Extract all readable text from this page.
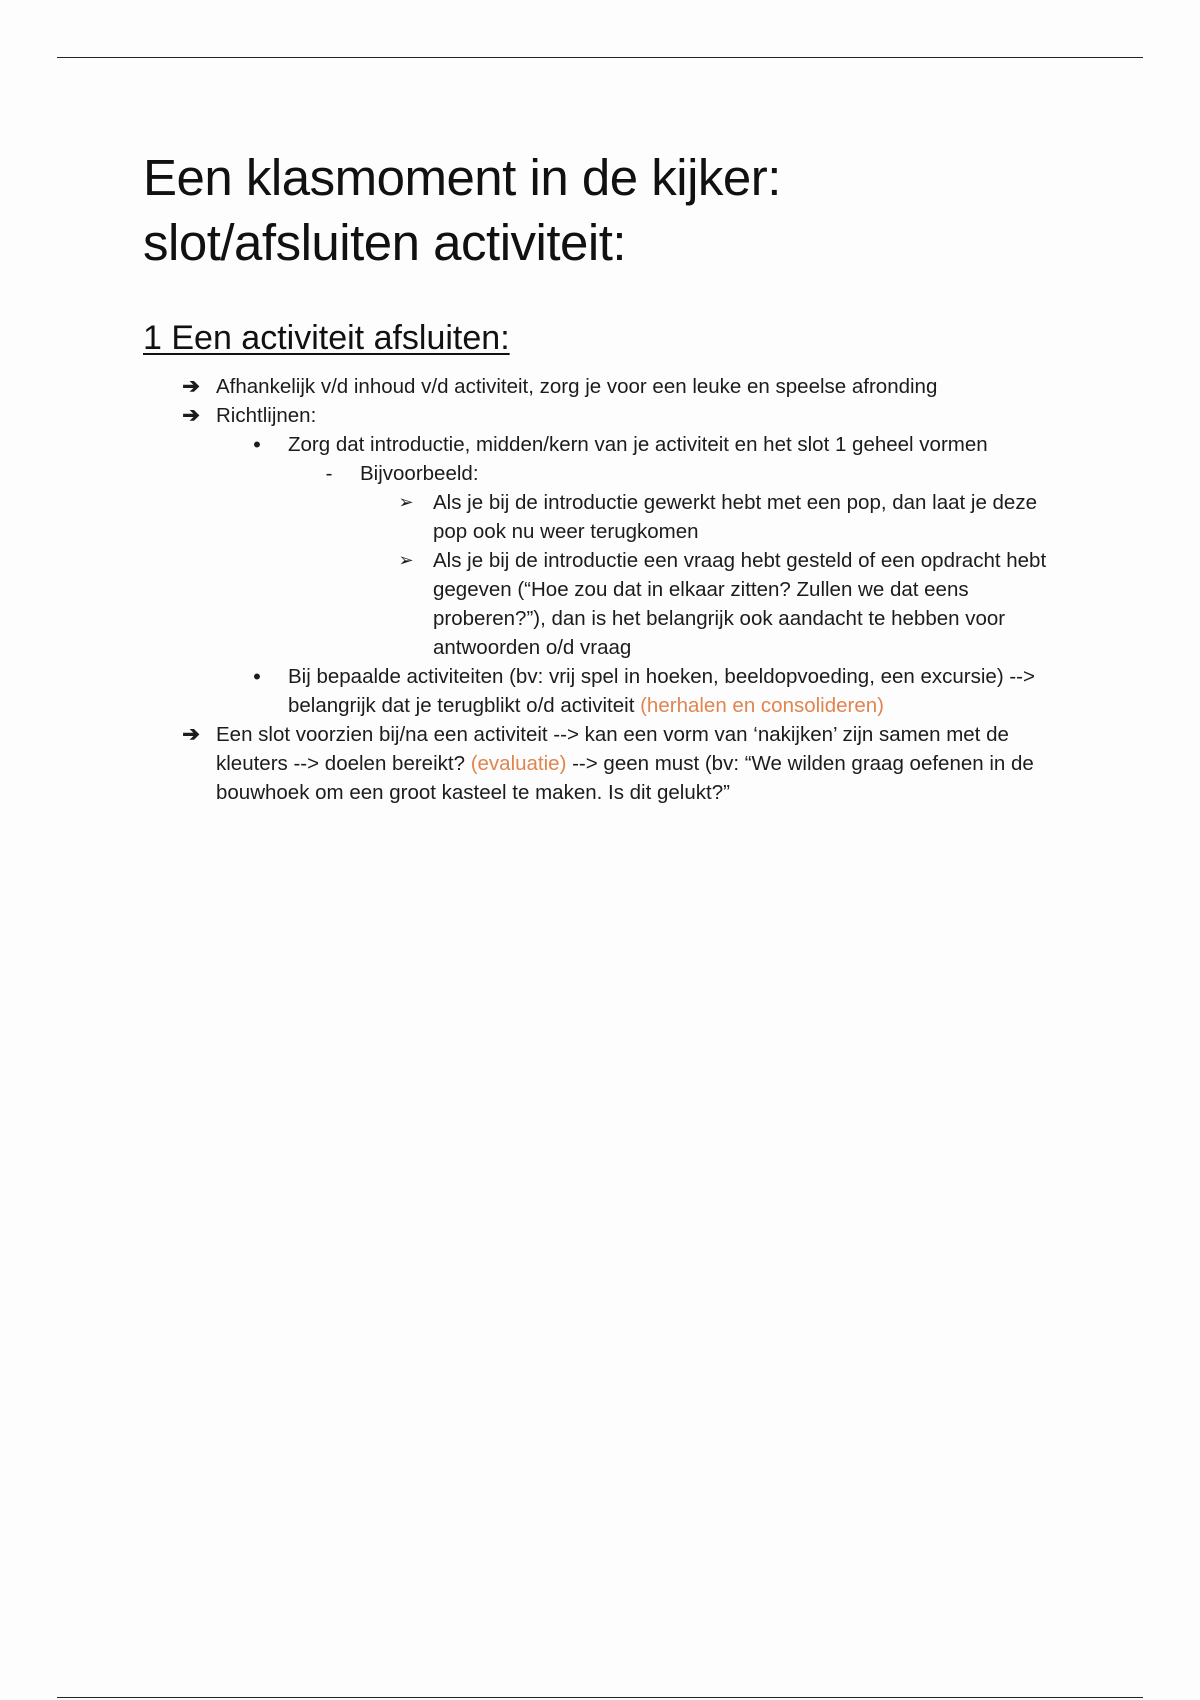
Een klasmoment in de kijker:
slot/afsluiten activiteit:
1 Een activiteit afsluiten:
➔ Afhankelijk v/d inhoud v/d activiteit, zorg je voor een leuke en speelse afronding
➔ Richtlijnen:
•	Zorg dat introductie, midden/kern van je activiteit en het slot 1 geheel vormen
- Bijvoorbeeld:
➢ Als je bij de introductie gewerkt hebt met een pop, dan laat je deze pop ook nu weer terugkomen
➢ Als je bij de introductie een vraag hebt gesteld of een opdracht hebt gegeven (“Hoe zou dat in elkaar zitten? Zullen we dat eens proberen?”), dan is het belangrijk ook aandacht te hebben voor antwoorden o/d vraag
•	Bij bepaalde activiteiten (bv: vrij spel in hoeken, beeldopvoeding, een excursie) --> belangrijk dat je terugblikt o/d activiteit (herhalen en consolideren)
➔ Een slot voorzien bij/na een activiteit --> kan een vorm van ‘nakijken’ zijn samen met de kleuters --> doelen bereikt? (evaluatie) --> geen must (bv: “We wilden graag oefenen in de bouwhoek om een groot kasteel te maken. Is dit gelukt?”
